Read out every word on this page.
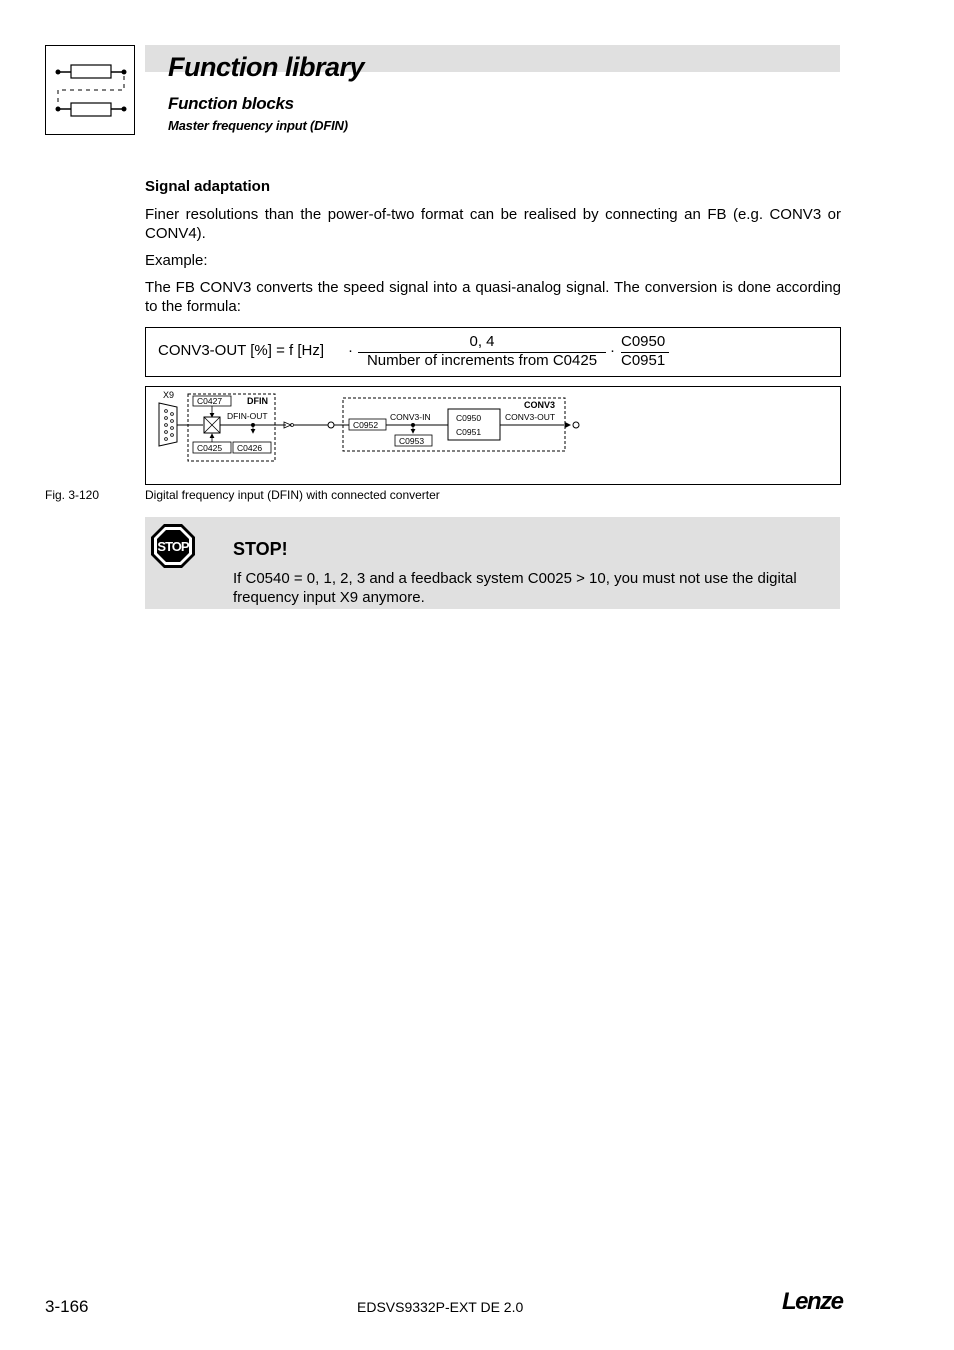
Function library
Function blocks
Master frequency input (DFIN)
Signal adaptation
Finer resolutions than the power-of-two format can be realised by connecting an FB (e.g. CONV3 or CONV4).
Example:
The FB CONV3 converts the speed signal into a quasi-analog signal. The conversion is done according to the formula:
CONV3-OUT [%] = f [Hz] ·
0, 4
Number of increments from C0425
·
C0950
C0951
X9
DFIN
C0427
C0425 C0426
DFIN-OUT
CONV3
C0952
CONV3-IN
C0953
C0950
C0951
CONV3-OUT
Fig. 3-120	Digital frequency input (DFIN) with connected converter
STOP STOP!
If C0540 = 0, 1, 2, 3 and a feedback system C0025 > 10, you must not use the digital frequency input X9 anymore.
3-166	EDSVS9332P-EXT DE 2.0	Lenze
